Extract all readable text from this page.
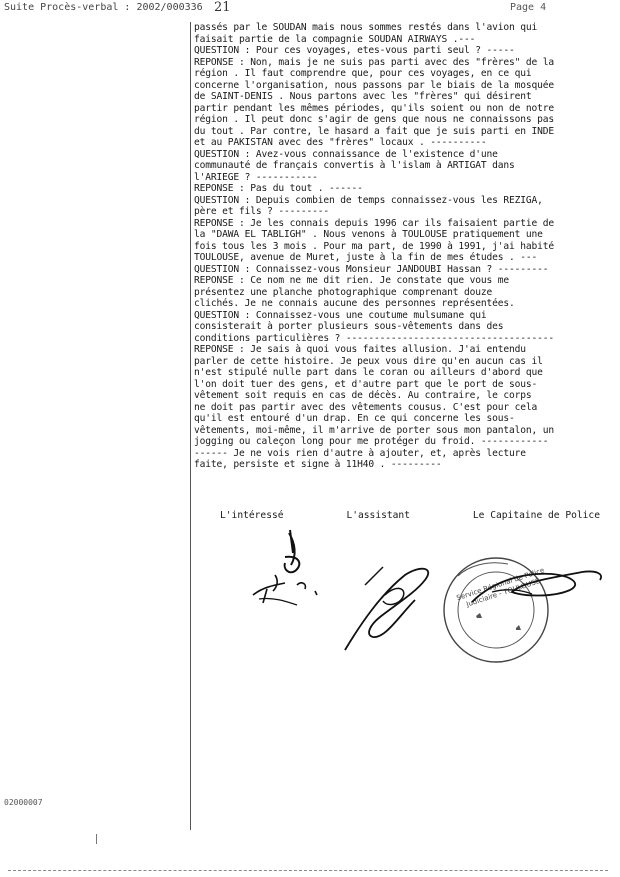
Suite Procès-verbal : 2002/000336 21	Page 4
passés par le SOUDAN mais nous sommes restés dans l'avion qui
faisait partie de la compagnie SOUDAN AIRWAYS .---
QUESTION : Pour ces voyages, etes-vous parti seul ? -----
REPONSE : Non, mais je ne suis pas parti avec des "frères" de la
région . Il faut comprendre que, pour ces voyages, en ce qui
concerne l'organisation, nous passons par le biais de la mosquée
de SAINT-DENIS . Nous partons avec les "frères" qui désirent
partir pendant les mêmes périodes, qu'ils soient ou non de notre
région . Il peut donc s'agir de gens que nous ne connaissons pas
du tout . Par contre, le hasard a fait que je suis parti en INDE
et au PAKISTAN avec des "frères" locaux . ----------
QUESTION : Avez-vous connaissance de l'existence d'une
communauté de français convertis à l'islam à ARTIGAT dans
l'ARIEGE ? -----------
REPONSE : Pas du tout . ------
QUESTION : Depuis combien de temps connaissez-vous les REZIGA,
père et fils ? ---------
REPONSE : Je les connais depuis 1996 car ils faisaient partie de
la "DAWA EL TABLIGH" . Nous venons à TOULOUSE pratiquement une
fois tous les 3 mois . Pour ma part, de 1990 à 1991, j'ai habité
TOULOUSE, avenue de Muret, juste à la fin de mes études . ---
QUESTION : Connaissez-vous Monsieur JANDOUBI Hassan ? ---------
REPONSE : Ce nom ne me dit rien. Je constate que vous me
présentez une planche photographique comprenant douze
clichés. Je ne connais aucune des personnes représentées.
QUESTION : Connaissez-vous une coutume mulsumane qui
consisterait à porter plusieurs sous-vêtements dans des
conditions particulières ? -------------------------------------
REPONSE : Je sais à quoi vous faites allusion. J'ai entendu
parler de cette histoire. Je peux vous dire qu'en aucun cas il
n'est stipulé nulle part dans le coran ou ailleurs d'abord que
l'on doit tuer des gens, et d'autre part que le port de sous-
vêtement soit requis en cas de décès. Au contraire, le corps
ne doit pas partir avec des vêtements cousus. C'est pour cela
qu'il est entouré d'un drap. En ce qui concerne les sous-
vêtements, moi-même, il m'arrive de porter sous mon pantalon, un
jogging ou caleçon long pour me protéger du froid. ------------
------ Je ne vois rien d'autre à ajouter, et, après lecture
faite, persiste et signe à 11H40 . ---------
L'intéressé	L'assistant	Le Capitaine de Police
Service Régional de Police Judiciaire - TOULOUSE
02000007
